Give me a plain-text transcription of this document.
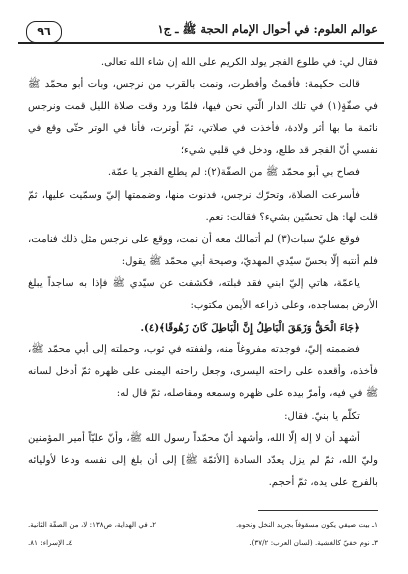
٩٦	عوالم العلوم: في أحوال الإمام الحجة ﷺ ـ ج١

فقال لي: في طلوع الفجر يولد الكريم على الله إن شاء الله تعالى.

قالت حكيمة: فأقمتُ وأفطرت، ونمت بالقرب من نرجس، وبات أبو محمّد ﷺ في صفّةٍ(١) في تلك الدار الّتي نحن فيها، فلمّا ورد وقت صلاة الليل قمت ونرجس نائمة ما بها أثر ولادة، فأخذت في صلاتي، ثمّ أوترت، فأنا في الوتر حتّى وقع في نفسي أنّ الفجر قد طلع، ودخل في قلبي شيء؛

فصاح بي أبو محمّد ﷺ من الصفّة(٢): لم يطلع الفجر يا عمّة.

فأسرعت الصلاة، وتحرّك نرجس، فدنوت منها، وضممتها إليّ وسمّيت عليها، ثمّ قلت لها: هل تحسّين بشيء؟ فقالت: نعم.

فوقع عليّ سبات(٣) لم أتمالك معه أن نمت، ووقع على نرجس مثل ذلك فنامت، فلم أنتبه إلّا بحسّ سيّدي المهديّ، وصيحة أبي محمّد ﷺ يقول:

ياعمّة، هاتي إليّ ابني فقد قبلته، فكشفت عن سيّدي ﷺ فإذا به ساجداً يبلغ الأرض بمساجده، وعلى ذراعه الأيمن مكتوب:

﴿جَاءَ الْحَقُّ وَزَهَقَ الْبَاطِلُ إِنَّ الْبَاطِلَ كَانَ زَهُوقًا﴾(٤).

فضممته إليّ، فوجدته مفروغاً منه، ولففته في ثوب، وحملته إلى أبي محمّد ﷺ، فأخذه، وأقعده على راحته اليسرى، وجعل راحته اليمنى على ظهره ثمّ أدخل لسانه ﷺ في فيه، وأمرّ بيده على ظهره وسمعه ومفاصله، ثمّ قال له:

تكلّم يا بنيّ. فقال:

أشهد أن لا إله إلّا الله، وأشهد أنّ محمّداً رسول الله ﷺ، وأنّ عليّاً أمير المؤمنين وليّ الله، ثمّ لم يزل يعدّد السادة [الأئمّة ﷺ] إلى أن بلغ إلى نفسه ودعا لأوليائه بالفرج على يده، ثمّ أحجم.

١ـ بيت صيفي يكون مسقوفاً بجريد النخل ونحوه.
٢ـ في الهداية، ص١٣٨: لا، من الصفّة الثانية.
٣ـ نوم خفيّ كالغشية. (لسان العرب: ٣٧/٢).
٤ـ الإسراء: ٨١.
